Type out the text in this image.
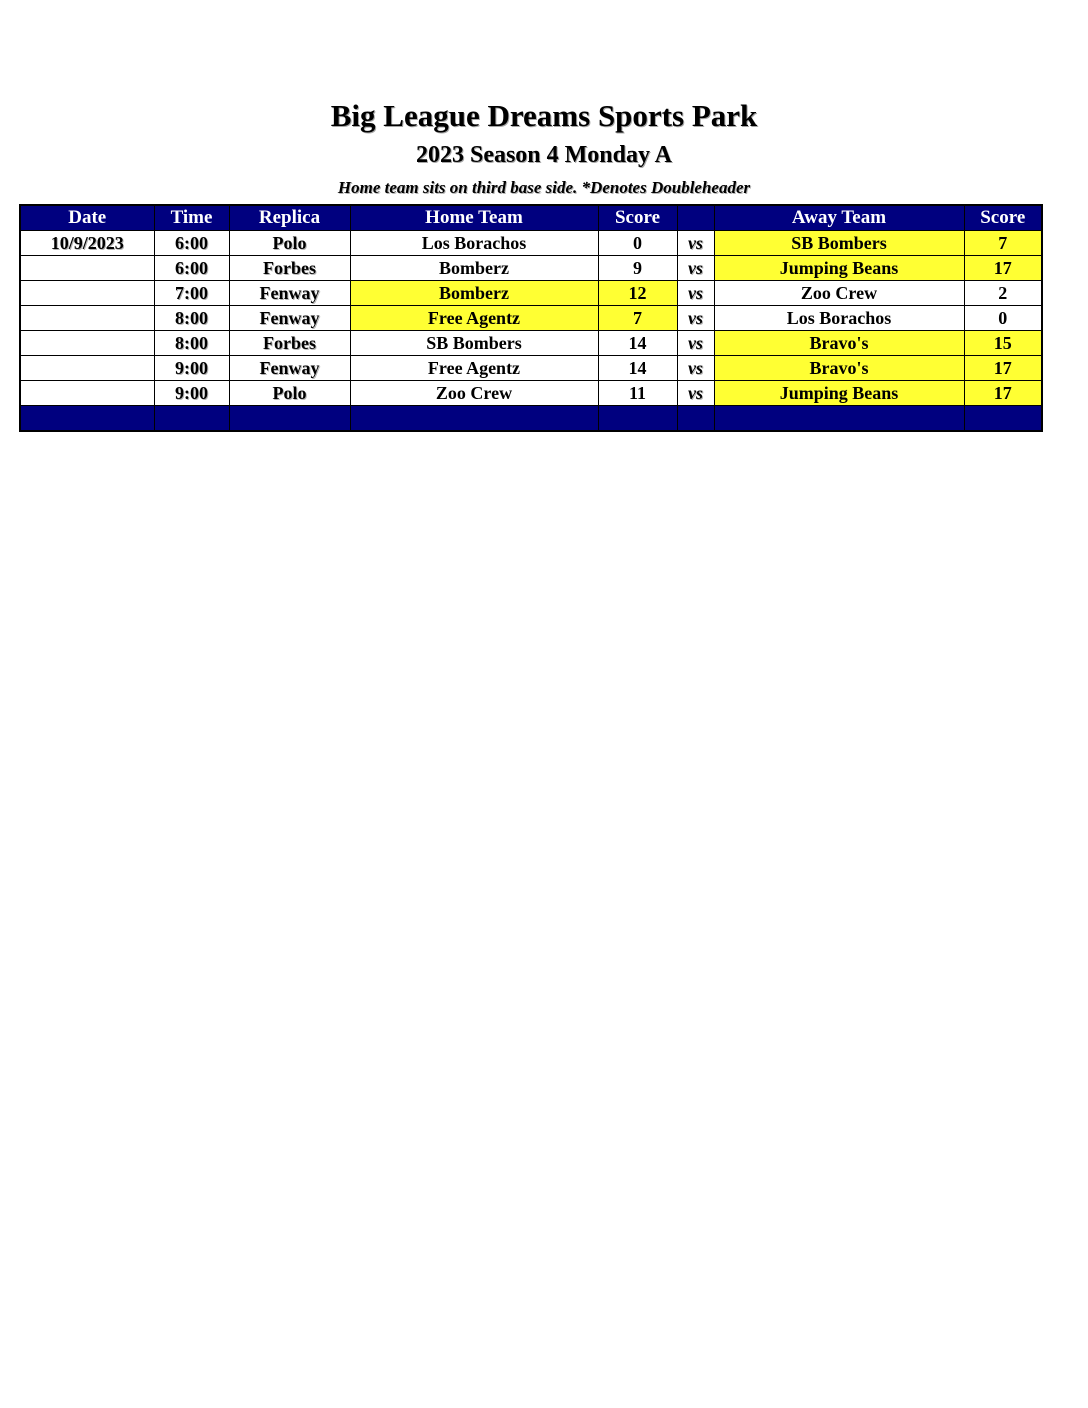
Big League Dreams Sports Park
2023 Season 4 Monday A
Home team sits on third base side. *Denotes Doubleheader
Date	Time	Replica	Home Team	Score		Away Team	Score
10/9/2023	6:00	Polo	Los Borachos	0	vs	SB Bombers	7
	6:00	Forbes	Bomberz	9	vs	Jumping Beans	17
	7:00	Fenway	Bomberz	12	vs	Zoo Crew	2
	8:00	Fenway	Free Agentz	7	vs	Los Borachos	0
	8:00	Forbes	SB Bombers	14	vs	Bravo's	15
	9:00	Fenway	Free Agentz	14	vs	Bravo's	17
	9:00	Polo	Zoo Crew	11	vs	Jumping Beans	17
